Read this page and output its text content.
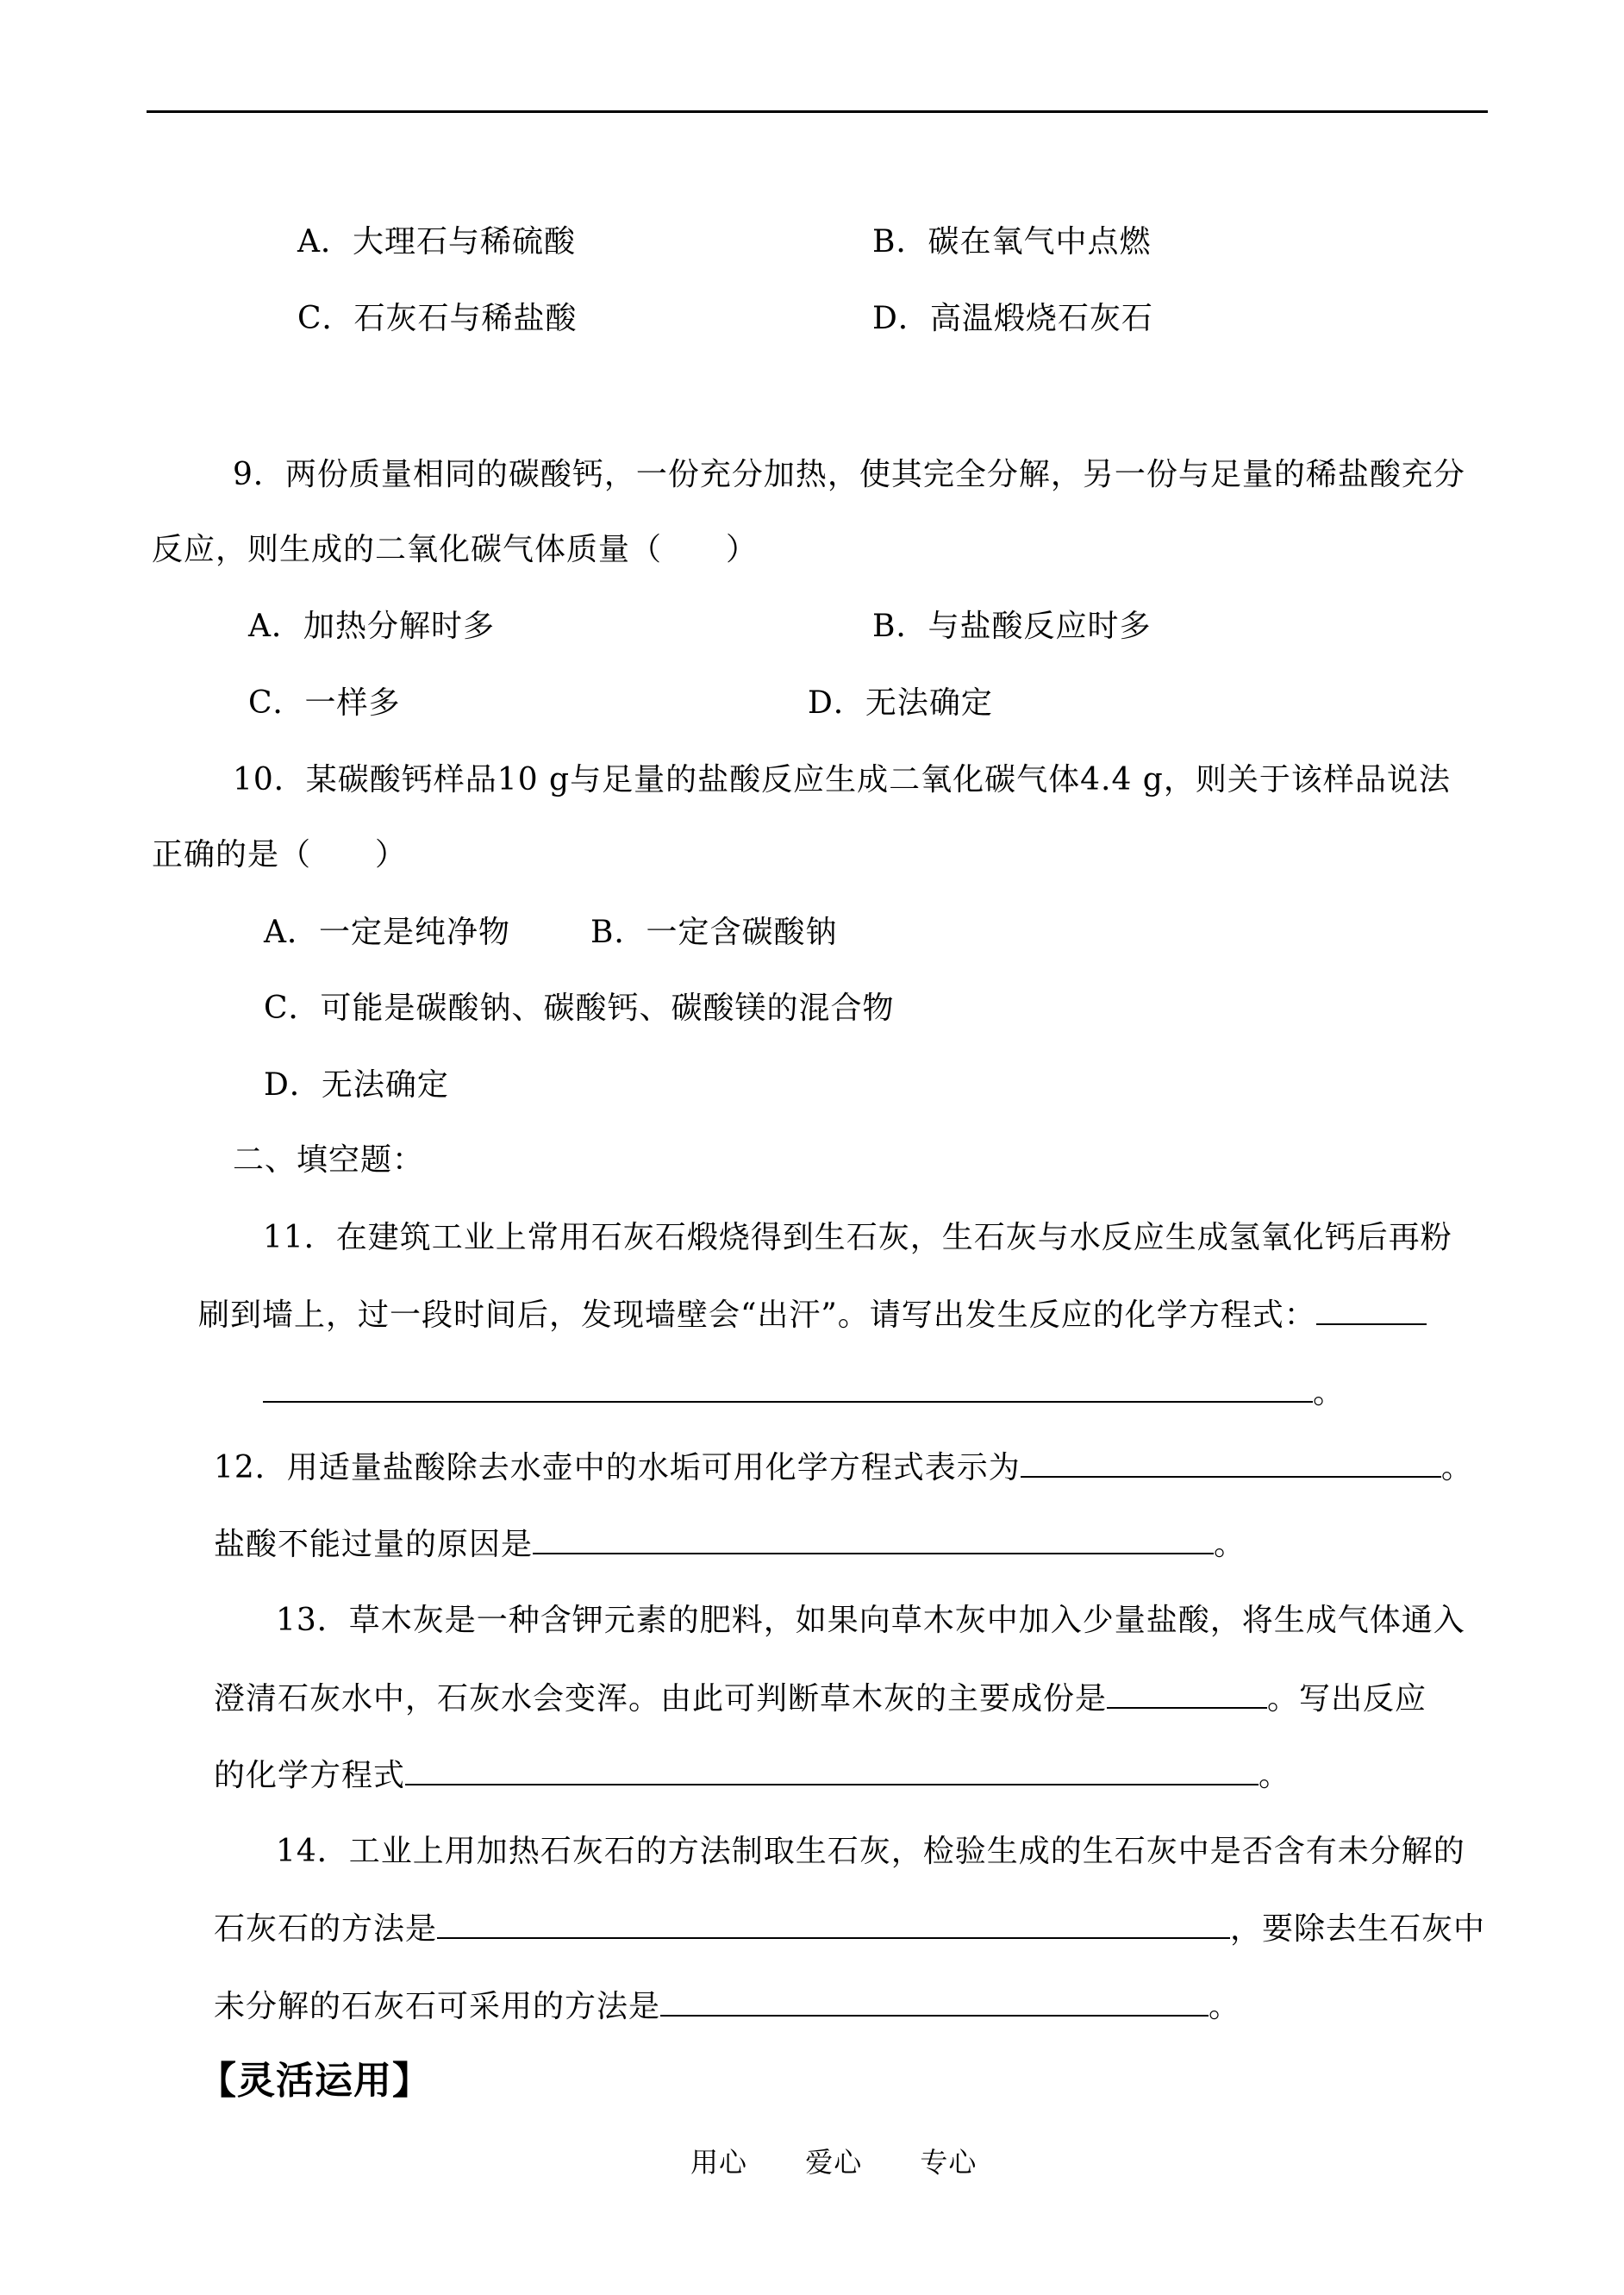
A．大理石与稀硫酸	B．碳在氧气中点燃
C．石灰石与稀盐酸	D．高温煅烧石灰石
9．两份质量相同的碳酸钙，一份充分加热，使其完全分解，另一份与足量的稀盐酸充分
反应，则生成的二氧化碳气体质量（　　）
A．加热分解时多	B．与盐酸反应时多
C．一样多	D．无法确定
10．某碳酸钙样品10 g与足量的盐酸反应生成二氧化碳气体4.4 g，则关于该样品说法
正确的是（　　）
A．一定是纯净物	B．一定含碳酸钠
C．可能是碳酸钠、碳酸钙、碳酸镁的混合物
D．无法确定
二、填空题：
11．在建筑工业上常用石灰石煅烧得到生石灰，生石灰与水反应生成氢氧化钙后再粉
刷到墙上，过一段时间后，发现墙壁会“出汗”。请写出发生反应的化学方程式：
。
12．用适量盐酸除去水壶中的水垢可用化学方程式表示为	。
盐酸不能过量的原因是	。
13．草木灰是一种含钾元素的肥料，如果向草木灰中加入少量盐酸，将生成气体通入
澄清石灰水中，石灰水会变浑。由此可判断草木灰的主要成份是	。写出反应
的化学方程式	。
14．工业上用加热石灰石的方法制取生石灰，检验生成的生石灰中是否含有未分解的
石灰石的方法是	，要除去生石灰中
未分解的石灰石可采用的方法是	。
【灵活运用】
用心 爱心 专心
